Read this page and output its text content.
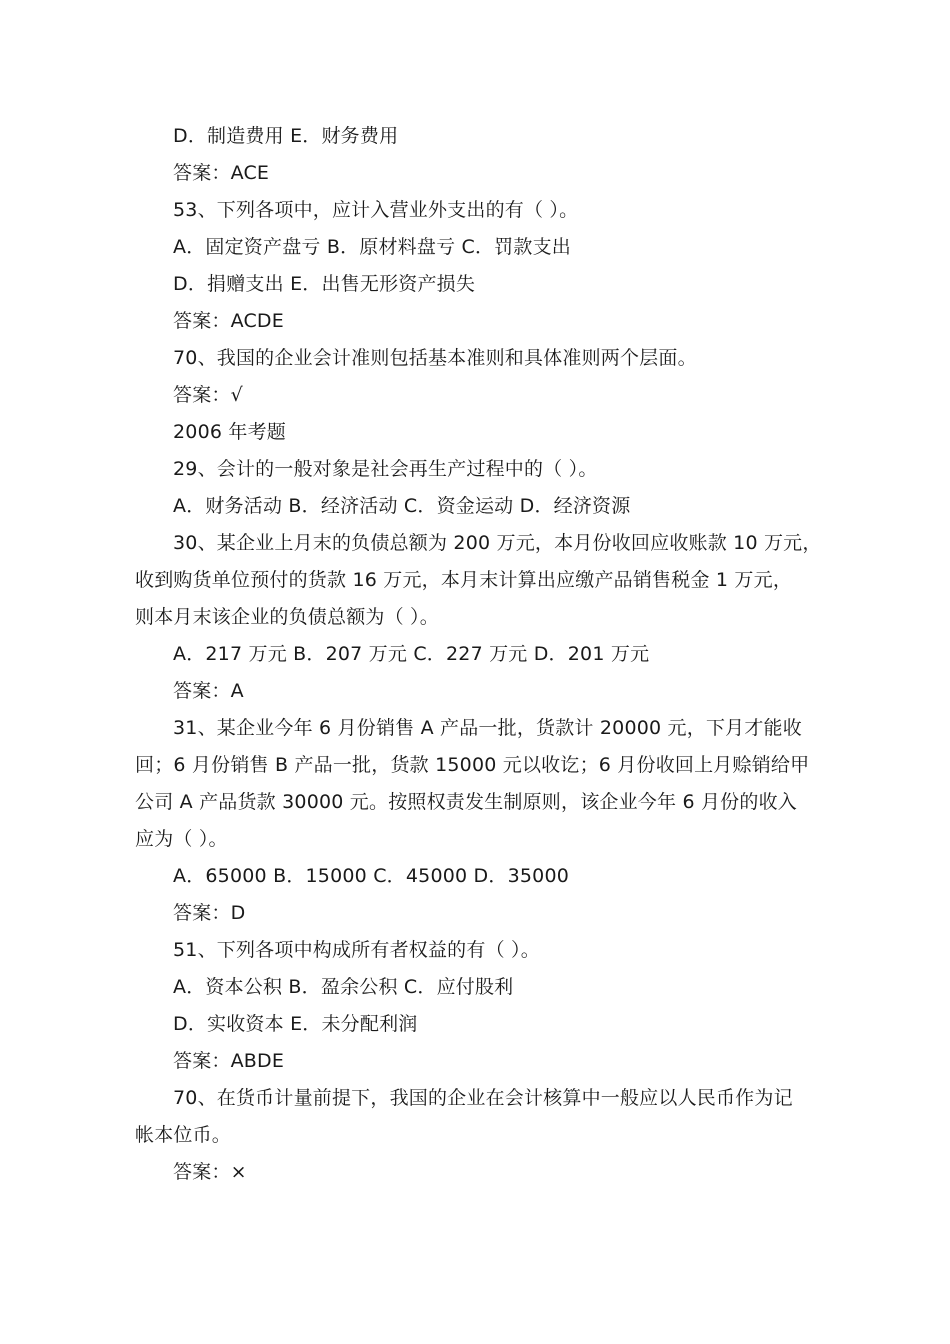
D．制造费用 E．财务费用
答案：ACE
53、下列各项中，应计入营业外支出的有（ ）。
A．固定资产盘亏 B．原材料盘亏 C．罚款支出
D．捐赠支出 E．出售无形资产损失
答案：ACDE
70、我国的企业会计准则包括基本准则和具体准则两个层面。
答案：√
2006 年考题
29、会计的一般对象是社会再生产过程中的（ ）。
A．财务活动 B．经济活动 C．资金运动 D．经济资源
30、某企业上月末的负债总额为 200 万元，本月份收回应收账款 10 万元，
收到购货单位预付的货款 16 万元，本月末计算出应缴产品销售税金 1 万元，
则本月末该企业的负债总额为（ ）。
A．217 万元 B．207 万元 C．227 万元 D．201 万元
答案：A
31、某企业今年 6 月份销售 A 产品一批，货款计 20000 元，下月才能收
回；6 月份销售 B 产品一批，货款 15000 元以收讫；6 月份收回上月赊销给甲
公司 A 产品货款 30000 元。按照权责发生制原则，该企业今年 6 月份的收入
应为（ ）。
A．65000 B．15000 C．45000 D．35000
答案：D
51、下列各项中构成所有者权益的有（ ）。
A．资本公积 B．盈余公积 C．应付股利
D．实收资本 E．未分配利润
答案：ABDE
70、在货币计量前提下，我国的企业在会计核算中一般应以人民币作为记
帐本位币。
答案：×
